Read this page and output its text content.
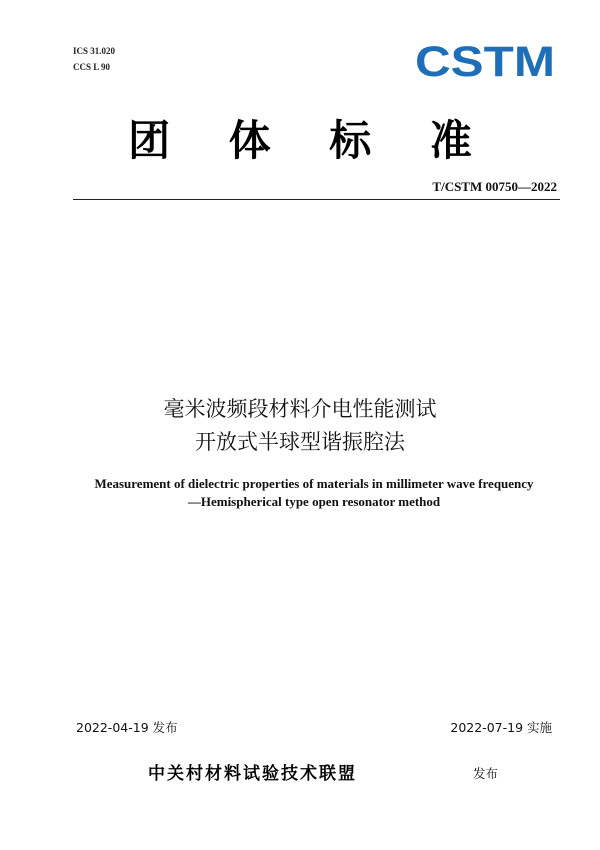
ICS 31.020
CCS L 90	CSTM
团 体 标 准
T/CSTM 00750—2022
毫米波频段材料介电性能测试
开放式半球型谐振腔法
Measurement of dielectric properties of materials in millimeter wave frequency
—Hemispherical type open resonator method
2022-04-19 发布	2022-07-19 实施
中关村材料试验技术联盟	发布
